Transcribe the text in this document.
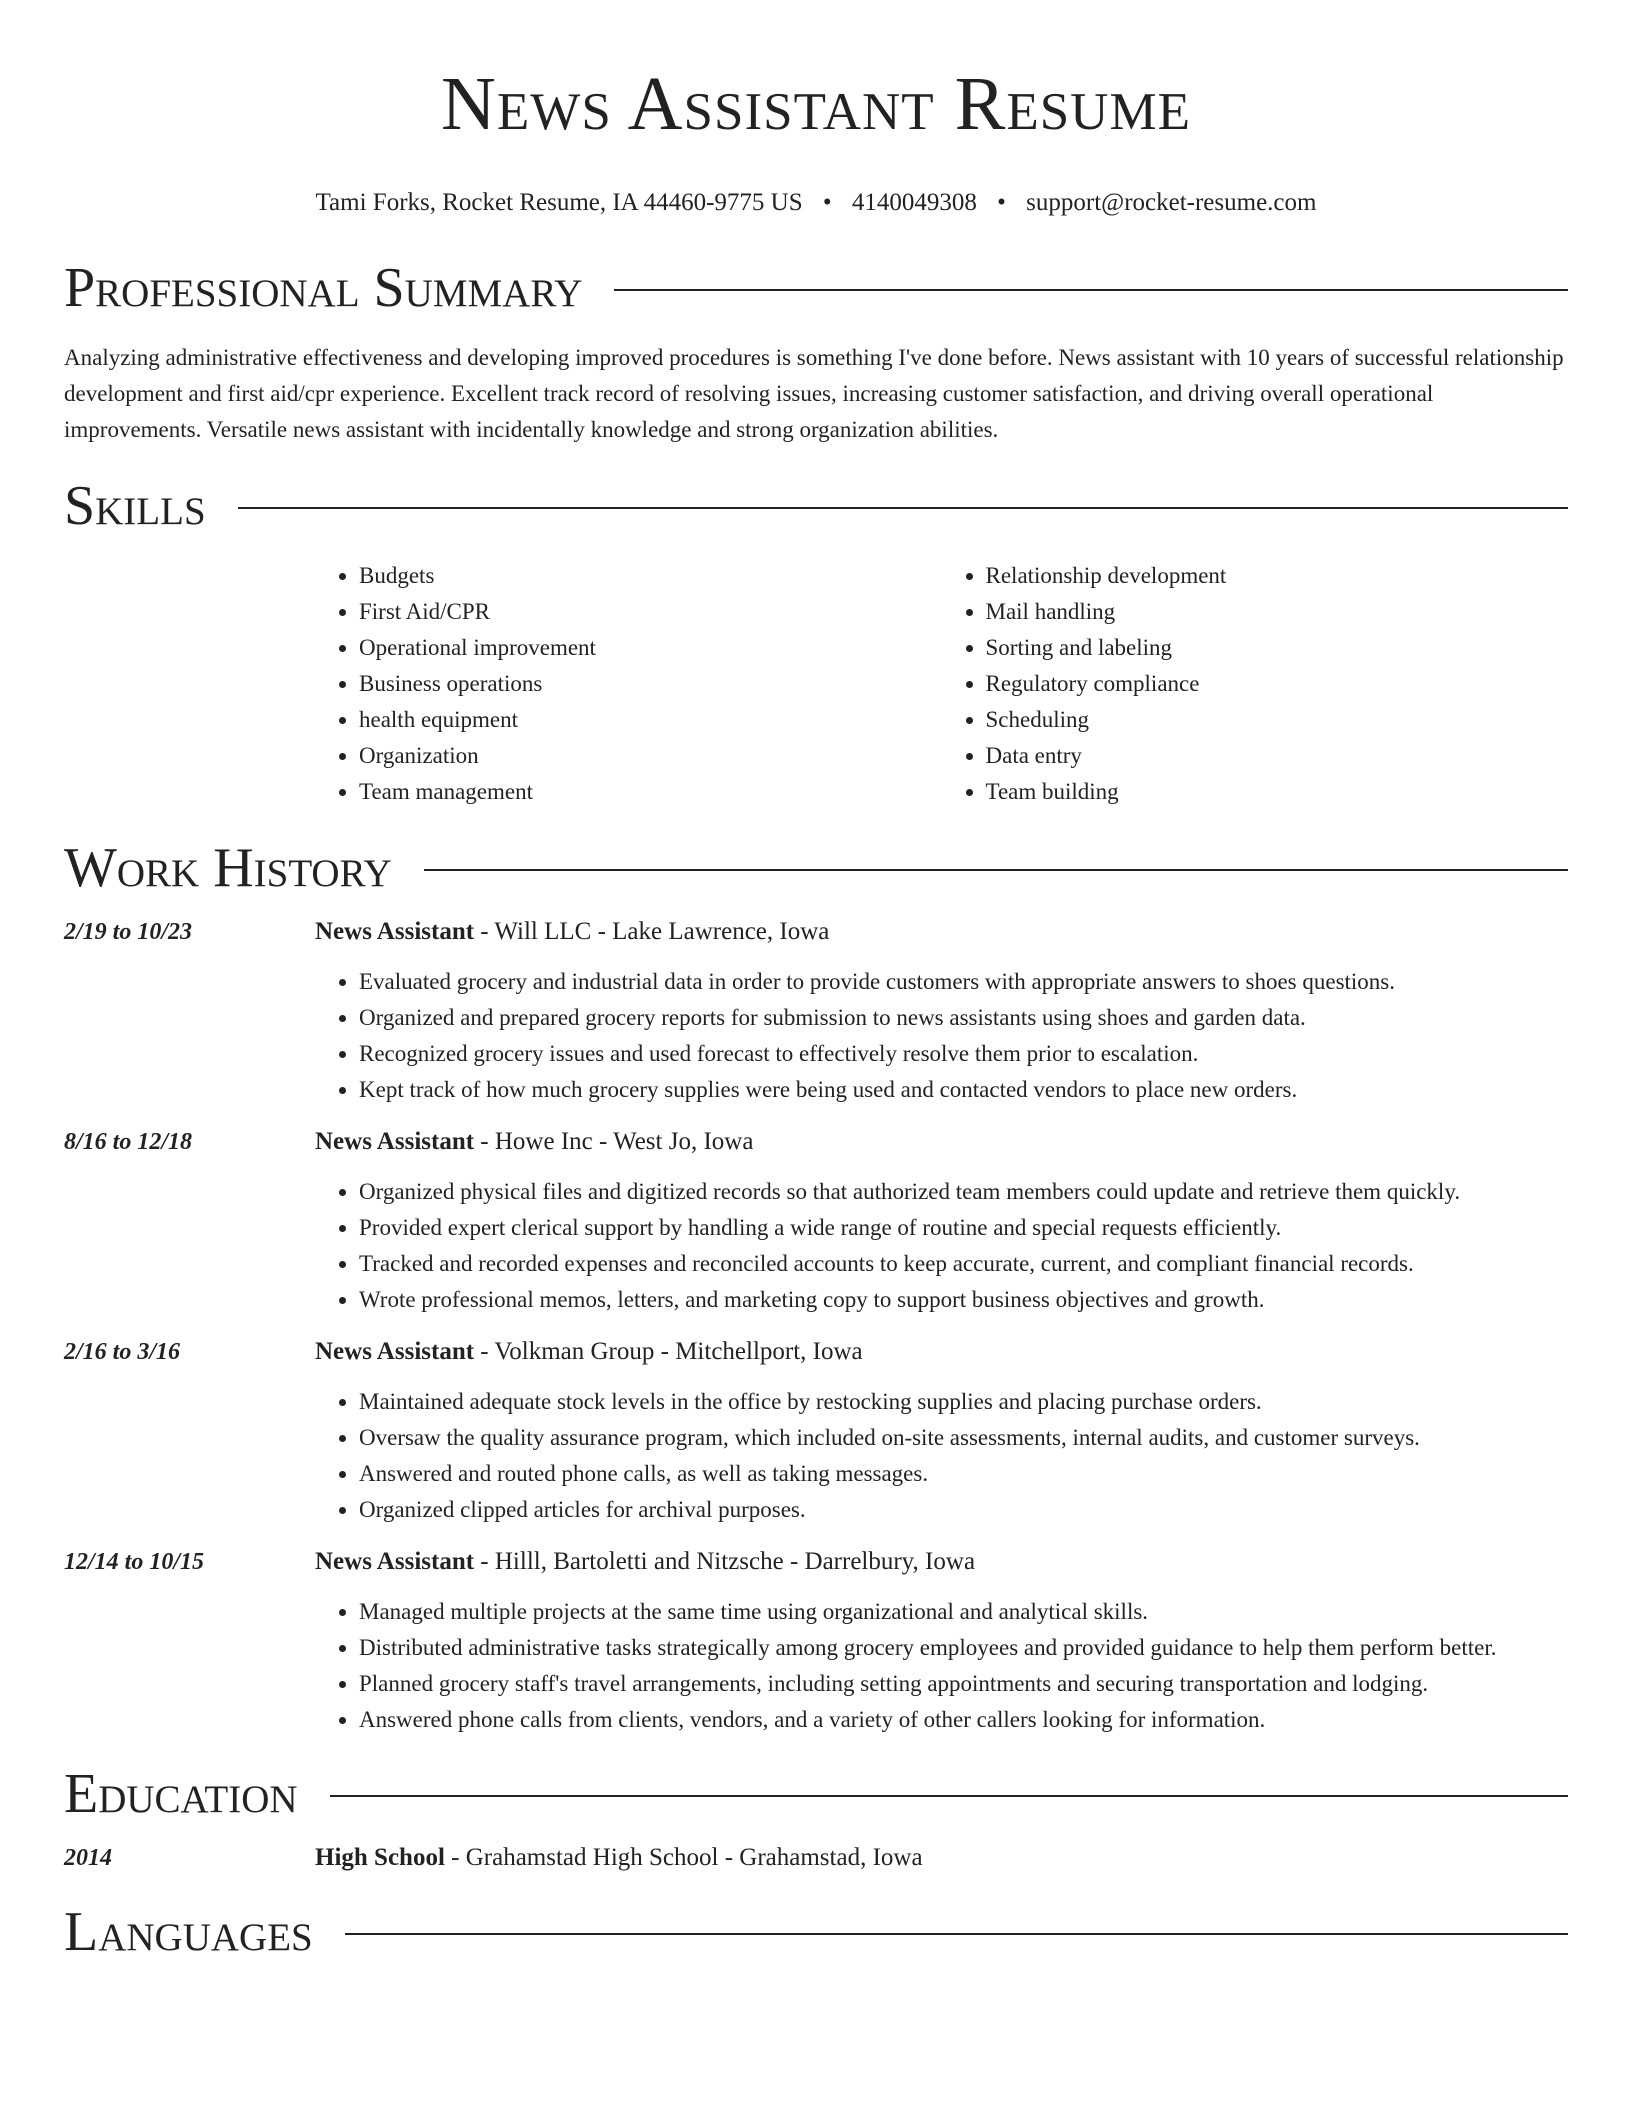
News Assistant Resume
Tami Forks, Rocket Resume, IA 44460-9775 US • 4140049308 • support@rocket-resume.com
Professional Summary

Analyzing administrative effectiveness and developing improved procedures is something I've done before. News assistant with 10 years of successful relationship development and first aid/cpr experience. Excellent track record of resolving issues, increasing customer satisfaction, and driving overall operational improvements. Versatile news assistant with incidentally knowledge and strong organization abilities.

Skills
• Budgets
• First Aid/CPR
• Operational improvement
• Business operations
• health equipment
• Organization
• Team management
• Relationship development
• Mail handling
• Sorting and labeling
• Regulatory compliance
• Scheduling
• Data entry
• Team building
Work History
2/19 to 10/23	News Assistant - Will LLC - Lake Lawrence, Iowa
• Evaluated grocery and industrial data in order to provide customers with appropriate answers to shoes questions.
• Organized and prepared grocery reports for submission to news assistants using shoes and garden data.
• Recognized grocery issues and used forecast to effectively resolve them prior to escalation.
• Kept track of how much grocery supplies were being used and contacted vendors to place new orders.
8/16 to 12/18	News Assistant - Howe Inc - West Jo, Iowa
• Organized physical files and digitized records so that authorized team members could update and retrieve them quickly.
• Provided expert clerical support by handling a wide range of routine and special requests efficiently.
• Tracked and recorded expenses and reconciled accounts to keep accurate, current, and compliant financial records.
• Wrote professional memos, letters, and marketing copy to support business objectives and growth.
2/16 to 3/16	News Assistant - Volkman Group - Mitchellport, Iowa
• Maintained adequate stock levels in the office by restocking supplies and placing purchase orders.
• Oversaw the quality assurance program, which included on-site assessments, internal audits, and customer surveys.
• Answered and routed phone calls, as well as taking messages.
• Organized clipped articles for archival purposes.
12/14 to 10/15	News Assistant - Hilll, Bartoletti and Nitzsche - Darrelbury, Iowa
• Managed multiple projects at the same time using organizational and analytical skills.
• Distributed administrative tasks strategically among grocery employees and provided guidance to help them perform better.
• Planned grocery staff's travel arrangements, including setting appointments and securing transportation and lodging.
• Answered phone calls from clients, vendors, and a variety of other callers looking for information.
Education
2014	High School - Grahamstad High School - Grahamstad, Iowa
Languages
